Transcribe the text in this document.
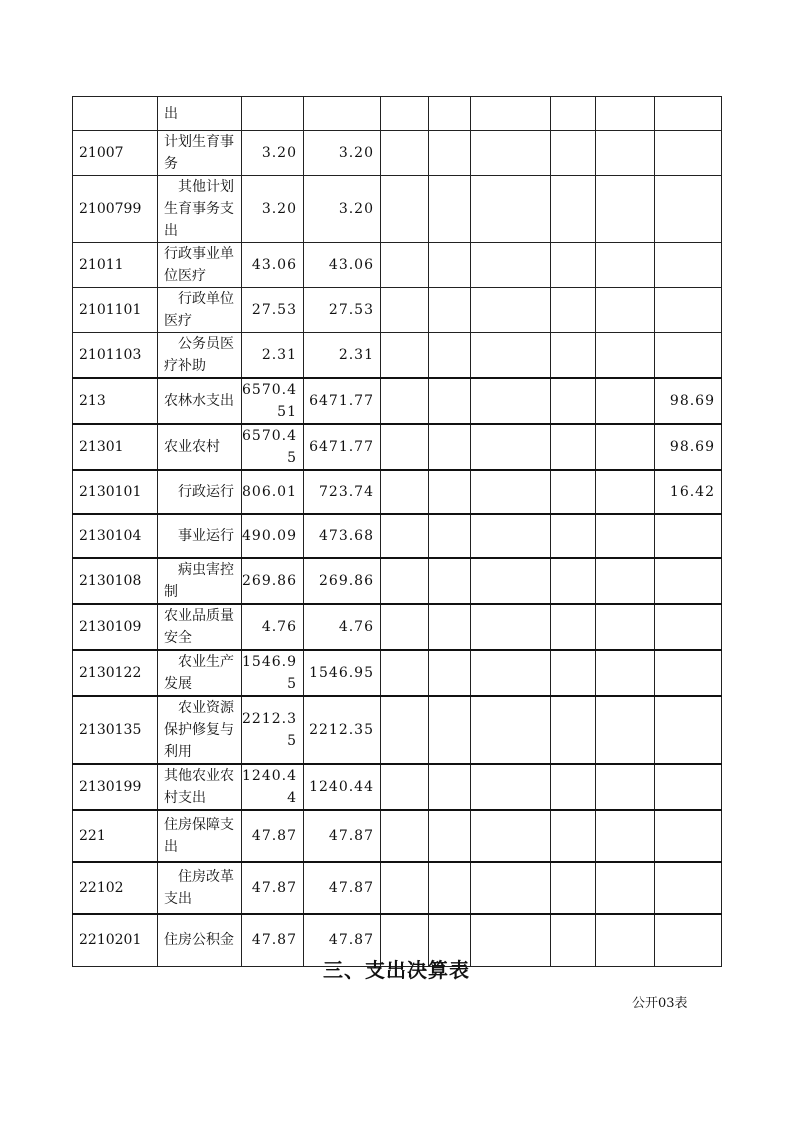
	出								
21007	计划生育事务	3.20	3.20						
2100799	其他计划生育事务支出	3.20	3.20						
21011	行政事业单位医疗	43.06	43.06						
2101101	行政单位医疗	27.53	27.53						
2101103	公务员医疗补助	2.31	2.31						
213	农林水支出	6570.451	6471.77						98.69
21301	农业农村	6570.45	6471.77						98.69
2130101	行政运行	806.01	723.74						16.42
2130104	事业运行	490.09	473.68						
2130108	病虫害控制	269.86	269.86						
2130109	农业品质量安全	4.76	4.76						
2130122	农业生产发展	1546.95	1546.95						
2130135	农业资源保护修复与利用	2212.35	2212.35						
2130199	其他农业农村支出	1240.44	1240.44						
221	住房保障支出	47.87	47.87						
22102	住房改革支出	47.87	47.87						
2210201	住房公积金	47.87	47.87						
三、支出决算表
公开03表
